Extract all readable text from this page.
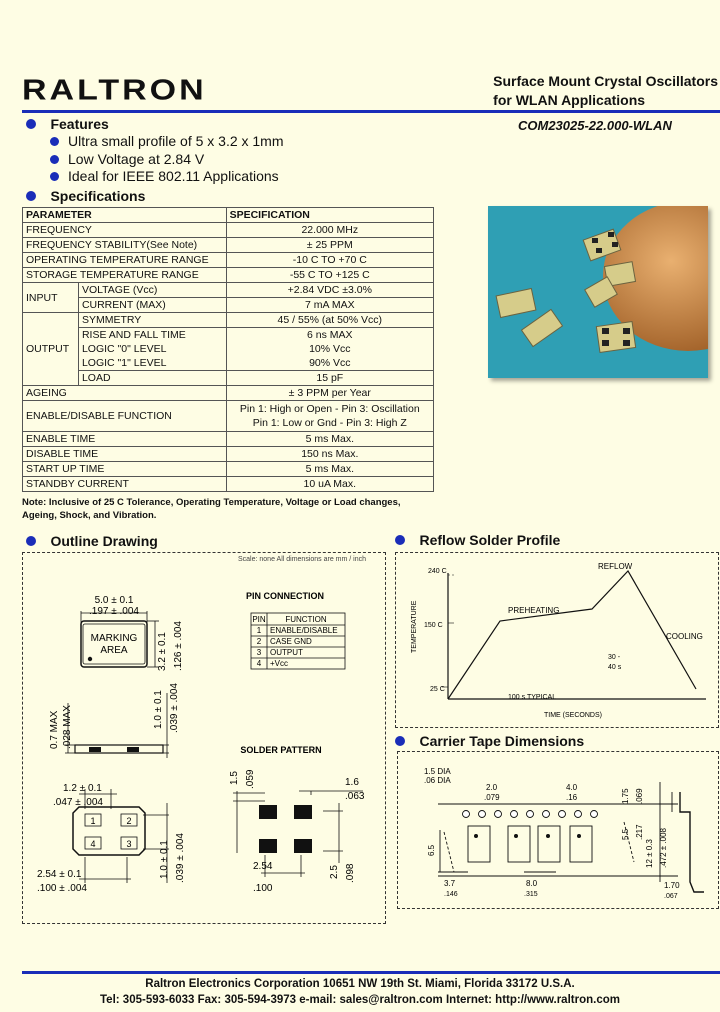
RALTRON	Surface Mount Crystal Oscillators
for WLAN Applications
COM23025-22.000-WLAN
Features
Ultra small profile of 5 x 3.2 x 1mm
Low Voltage at 2.84 V
Ideal for IEEE 802.11 Applications
Specifications
PARAMETER		SPECIFICATION
FREQUENCY		22.000 MHz
FREQUENCY STABILITY(See Note)		± 25 PPM
OPERATING TEMPERATURE RANGE		-10 C TO +70 C
STORAGE TEMPERATURE RANGE		-55 C TO +125 C
INPUT	VOLTAGE (Vcc)	+2.84 VDC ±3.0%
	CURRENT (MAX)	7 mA MAX
OUTPUT	SYMMETRY	45 / 55% (at 50% Vcc)
	RISE AND FALL TIME	6 ns MAX
	LOGIC "0" LEVEL	10% Vcc
	LOGIC "1" LEVEL	90% Vcc
	LOAD	15 pF
AGEING		± 3 PPM per Year
ENABLE/DISABLE FUNCTION		Pin 1: High or Open - Pin 3: Oscillation
Pin 1: Low or Gnd - Pin 3: High Z

ENABLE TIME		5 ms Max.
DISABLE TIME		150 ns Max.
START UP TIME		5 ms Max.
STANDBY CURRENT		10 uA Max.
Note: Inclusive of 25 C Tolerance, Operating Temperature, Voltage or Load changes,
Ageing, Shock, and Vibration.
Outline Drawing
Scale: none All dimensions are mm / inch
5.0 ± 0.1
.197 ± .004
MARKING
AREA	3.2 ± 0.1 .126 ± .004
0.7 MAX .028 MAX	1.0 ± 0.1 .039 ± .004
1.2 ± 0.1
.047 ± .004
1	2
3
4
2.54 ± 0.1
.100 ± .004
1.0 ± 0.1 .039 ± .004
PIN CONNECTION
PIN FUNCTION
1 ENABLE/DISABLE
2 CASE GND
3 OUTPUT
4 +Vcc
SOLDER PATTERN
1.5 .059	1.6
.063
2.54
.100
2.5 .098
Reflow Solder Profile
TEMPERATURE
240 C
150 C
25 C
PREHEATING
REFLOW
COOLING
30 -
40 s
100 s TYPICAL
TIME (SECONDS)
Carrier Tape Dimensions
1.5 DIA
.06 DIA
2.0
.079
4.0
.16	1.75 .069
5.5 .217
12 ± 0.3 .472 ± .008
6.5
3.7
.146
8.0
.315
1.70
.067
Raltron Electronics Corporation 10651 NW 19th St. Miami, Florida 33172 U.S.A.
Tel: 305-593-6033 Fax: 305-594-3973 e-mail: sales@raltron.com Internet: http://www.raltron.com
